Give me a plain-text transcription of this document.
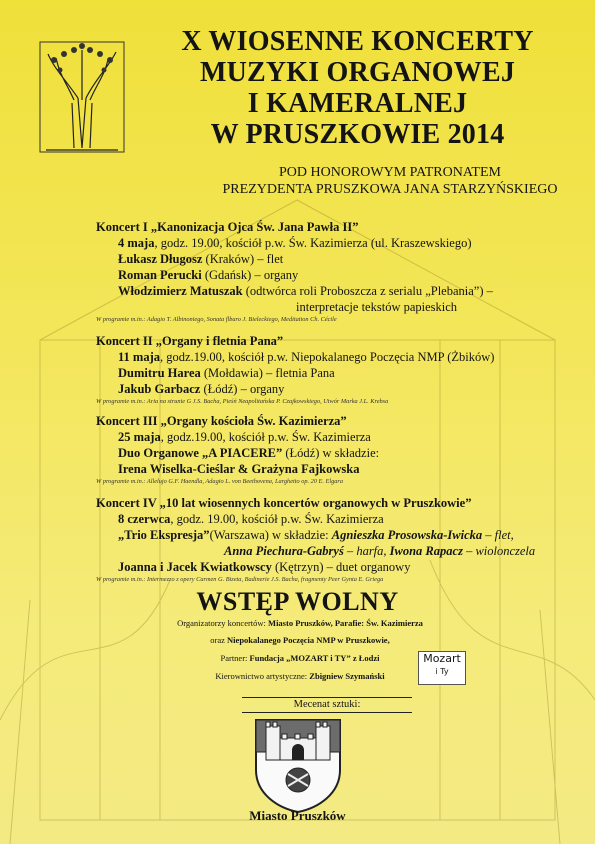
X WIOSENNE KONCERTY
MUZYKI ORGANOWEJ
I KAMERALNEJ
W PRUSZKOWIE 2014
POD HONOROWYM PATRONATEM
PREZYDENTA PRUSZKOWA JANA STARZYŃSKIEGO
Koncert I „Kanonizacja Ojca Św. Jana Pawła II”
4 maja, godz. 19.00, kościół p.w. Św. Kazimierza (ul. Kraszewskiego)
Łukasz Długosz (Kraków) – flet
Roman Perucki (Gdańsk) – organy
Włodzimierz Matuszak (odtwórca roli Proboszcza z serialu „Plebania”) –
interpretacje tekstów papieskich
W programie m.in.: Adagio T. Albinoniego, Sonata flbaro J. Bieleckiego, Meditation Ch. Cécile
Koncert II „Organy i fletnia Pana”
11 maja, godz.19.00, kościół p.w. Niepokalanego Poczęcia NMP (Żbików)
Dumitru Harea (Mołdawia) – fletnia Pana
Jakub Garbacz (Łódź) – organy
W programie m.in.: Aria na strunie G J.S. Bacha, Pieśń Neapolitańska P. Czajkowskiego, Utwór Marka J.L. Krebsa
Koncert III „Organy kościoła Św. Kazimierza”
25 maja, godz.19.00, kościół p.w. Św. Kazimierza
Duo Organowe „A PIACERE” (Łódź) w składzie:
Irena Wiselka-Cieślar & Grażyna Fajkowska
W programie m.in.: Allelujo G.F. Haendla, Adagio L. von Beethovena, Larghetto op. 20 E. Elgara
Koncert IV „10 lat wiosennych koncertów organowych w Pruszkowie”
8 czerwca, godz. 19.00, kościół p.w. Św. Kazimierza
„Trio Ekspresja”(Warszawa) w składzie: Agnieszka Prosowska-Iwicka – flet,
Anna Piechura-Gabryś – harfa, Iwona Rapacz – wiolonczela
Joanna i Jacek Kwiatkowscy (Kętrzyn) – duet organowy
W programie m.in.: Intermezzo z opery Carmen G. Bizeta, Badinerie J.S. Bacha, fragmenty Peer Gynta E. Griega
WSTĘP WOLNY
Organizatorzy koncertów: Miasto Pruszków, Parafie: Św. Kazimierza
oraz Niepokalanego Poczęcia NMP w Pruszkowie,
Partner: Fundacja „MOZART i TY” z Łodzi
Kierownictwo artystyczne: Zbigniew Szymański
Mozart
i Ty
Mecenat sztuki:
Miasto Pruszków
